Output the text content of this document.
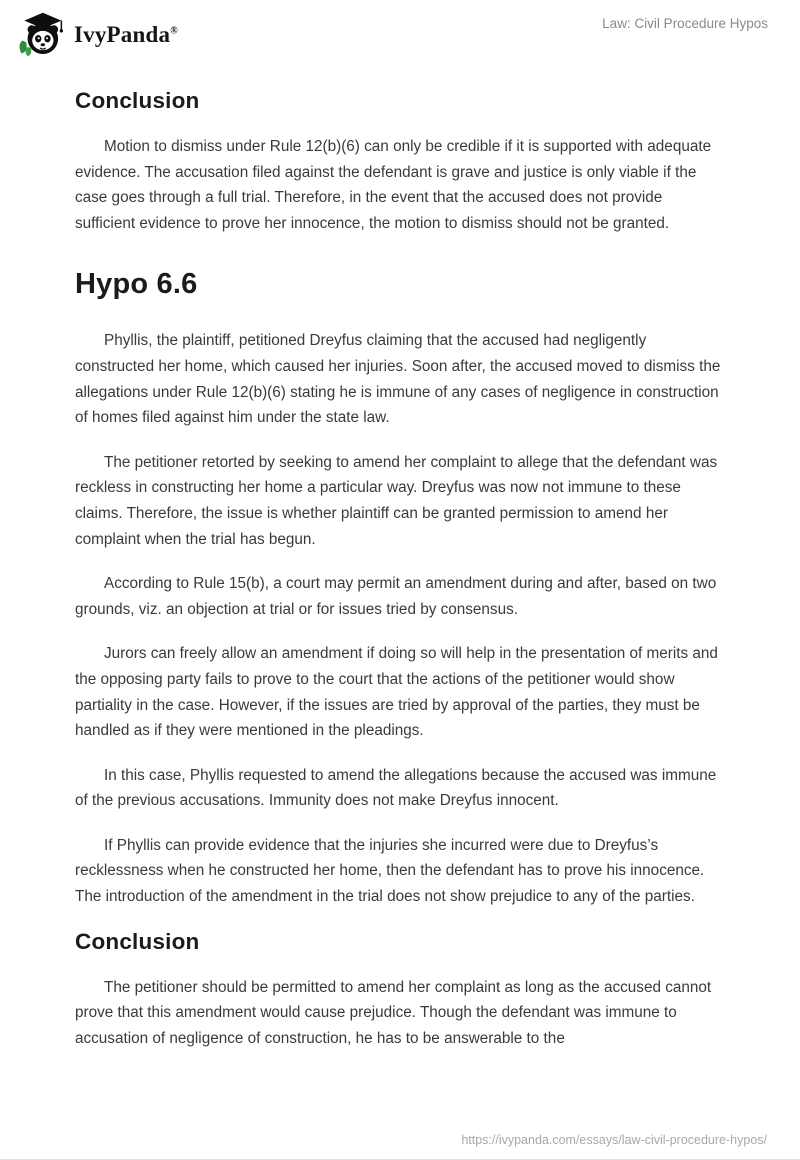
IvyPanda®	Law: Civil Procedure Hypos
Conclusion

Motion to dismiss under Rule 12(b)(6) can only be credible if it is supported with adequate evidence. The accusation filed against the defendant is grave and justice is only viable if the case goes through a full trial. Therefore, in the event that the accused does not provide sufficient evidence to prove her innocence, the motion to dismiss should not be granted.

Hypo 6.6

Phyllis, the plaintiff, petitioned Dreyfus claiming that the accused had negligently constructed her home, which caused her injuries. Soon after, the accused moved to dismiss the allegations under Rule 12(b)(6) stating he is immune of any cases of negligence in construction of homes filed against him under the state law.

The petitioner retorted by seeking to amend her complaint to allege that the defendant was reckless in constructing her home a particular way. Dreyfus was now not immune to these claims. Therefore, the issue is whether plaintiff can be granted permission to amend her complaint when the trial has begun.

According to Rule 15(b), a court may permit an amendment during and after, based on two grounds, viz. an objection at trial or for issues tried by consensus.

Jurors can freely allow an amendment if doing so will help in the presentation of merits and the opposing party fails to prove to the court that the actions of the petitioner would show partiality in the case. However, if the issues are tried by approval of the parties, they must be handled as if they were mentioned in the pleadings.

In this case, Phyllis requested to amend the allegations because the accused was immune of the previous accusations. Immunity does not make Dreyfus innocent.

If Phyllis can provide evidence that the injuries she incurred were due to Dreyfus’s recklessness when he constructed her home, then the defendant has to prove his innocence. The introduction of the amendment in the trial does not show prejudice to any of the parties.

Conclusion

The petitioner should be permitted to amend her complaint as long as the accused cannot prove that this amendment would cause prejudice. Though the defendant was immune to accusation of negligence of construction, he has to be answerable to the

https://ivypanda.com/essays/law-civil-procedure-hypos/
